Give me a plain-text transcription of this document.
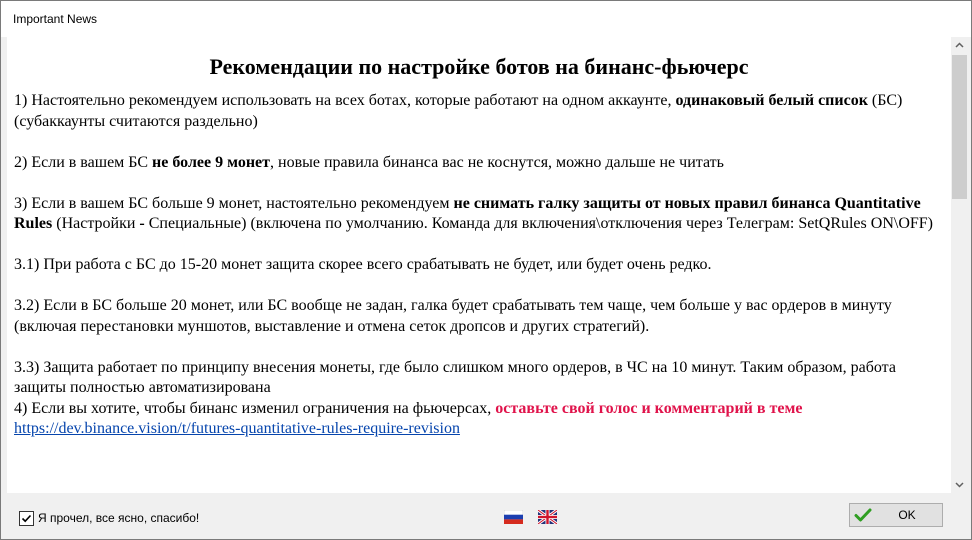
Important News
Рекомендации по настройке ботов на бинанс-фьючерс

1) Настоятельно рекомендуем использовать на всех ботах, которые работают на одном аккаунте, одинаковый белый список (БС) (субаккаунты считаются раздельно)

2) Если в вашем БС не более 9 монет, новые правила бинанса вас не коснутся, можно дальше не читать

3) Если в вашем БС больше 9 монет, настоятельно рекомендуем не снимать галку защиты от новых правил бинанса Quantitative Rules (Настройки - Специальные) (включена по умолчанию. Команда для включения\отключения через Телеграм: SetQRules ON\OFF)

3.1) При работа с БС до 15-20 монет защита скорее всего срабатывать не будет, или будет очень редко.

3.2) Если в БС больше 20 монет, или БС вообще не задан, галка будет срабатывать тем чаще, чем больше у вас ордеров в минуту (включая перестановки муншотов, выставление и отмена сеток дропсов и других стратегий).

3.3) Защита работает по принципу внесения монеты, где было слишком много ордеров, в ЧС на 10 минут. Таким образом, работа защиты полностью автоматизирована

4) Если вы хотите, чтобы бинанс изменил ограничения на фьючерсах, оставьте свой голос и комментарий в теме

https://dev.binance.vision/t/futures-quantitative-rules-require-revision

Я прочел, все ясно, спасибо!	OK
